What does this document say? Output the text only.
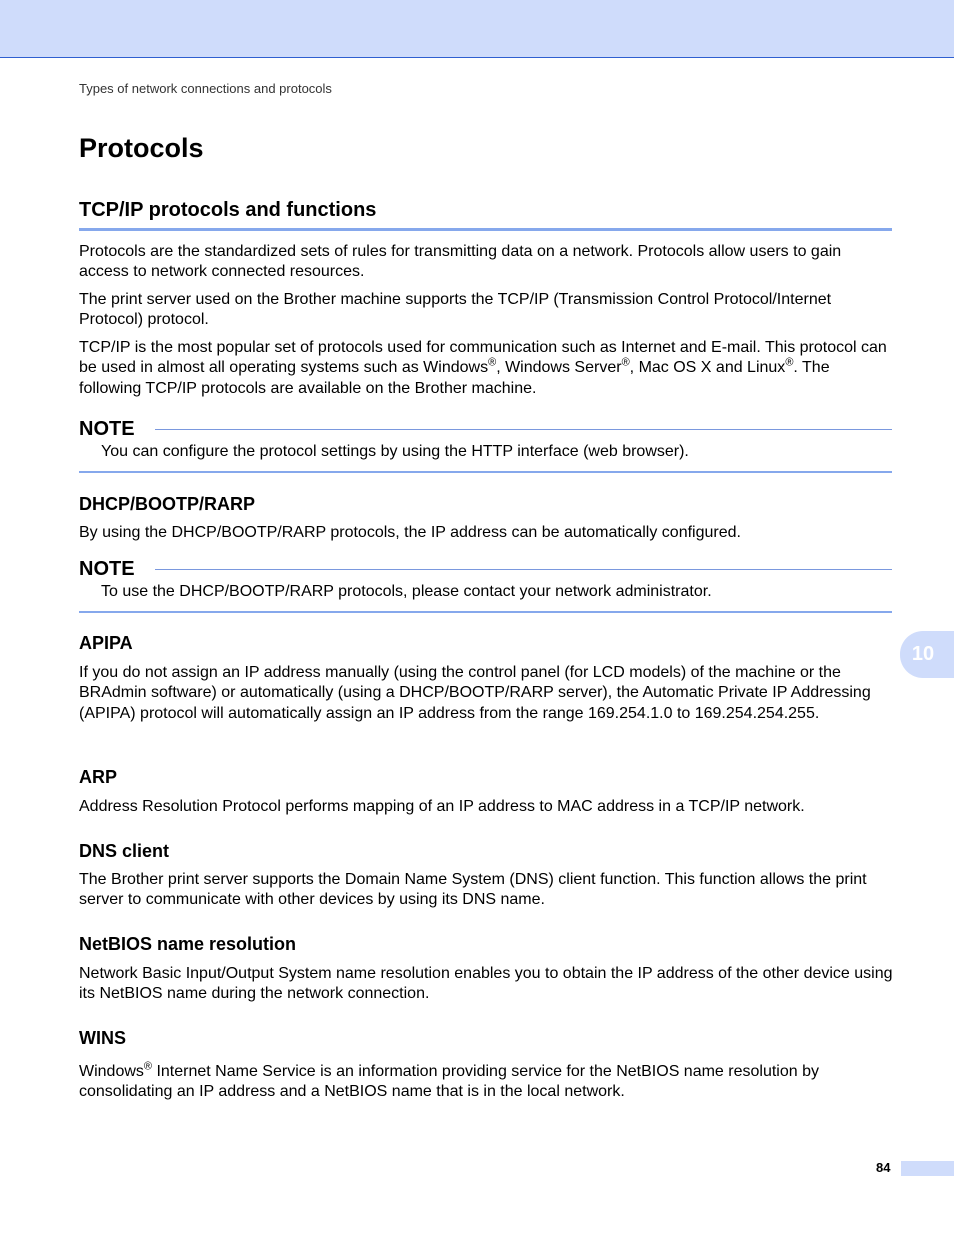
Types of network connections and protocols
Protocols
TCP/IP protocols and functions

Protocols are the standardized sets of rules for transmitting data on a network. Protocols allow users to gain access to network connected resources.

The print server used on the Brother machine supports the TCP/IP (Transmission Control Protocol/Internet Protocol) protocol.

TCP/IP is the most popular set of protocols used for communication such as Internet and E-mail. This protocol can be used in almost all operating systems such as Windows®, Windows Server®, Mac OS X and Linux®. The following TCP/IP protocols are available on the Brother machine.

NOTE
You can configure the protocol settings by using the HTTP interface (web browser).
DHCP/BOOTP/RARP

By using the DHCP/BOOTP/RARP protocols, the IP address can be automatically configured.

NOTE
To use the DHCP/BOOTP/RARP protocols, please contact your network administrator.
APIPA

If you do not assign an IP address manually (using the control panel (for LCD models) of the machine or the BRAdmin software) or automatically (using a DHCP/BOOTP/RARP server), the Automatic Private IP Addressing (APIPA) protocol will automatically assign an IP address from the range 169.254.1.0 to 169.254.254.255.

ARP

Address Resolution Protocol performs mapping of an IP address to MAC address in a TCP/IP network.

DNS client

The Brother print server supports the Domain Name System (DNS) client function. This function allows the print server to communicate with other devices by using its DNS name.

NetBIOS name resolution

Network Basic Input/Output System name resolution enables you to obtain the IP address of the other device using its NetBIOS name during the network connection.

WINS

Windows® Internet Name Service is an information providing service for the NetBIOS name resolution by consolidating an IP address and a NetBIOS name that is in the local network.

10
84
